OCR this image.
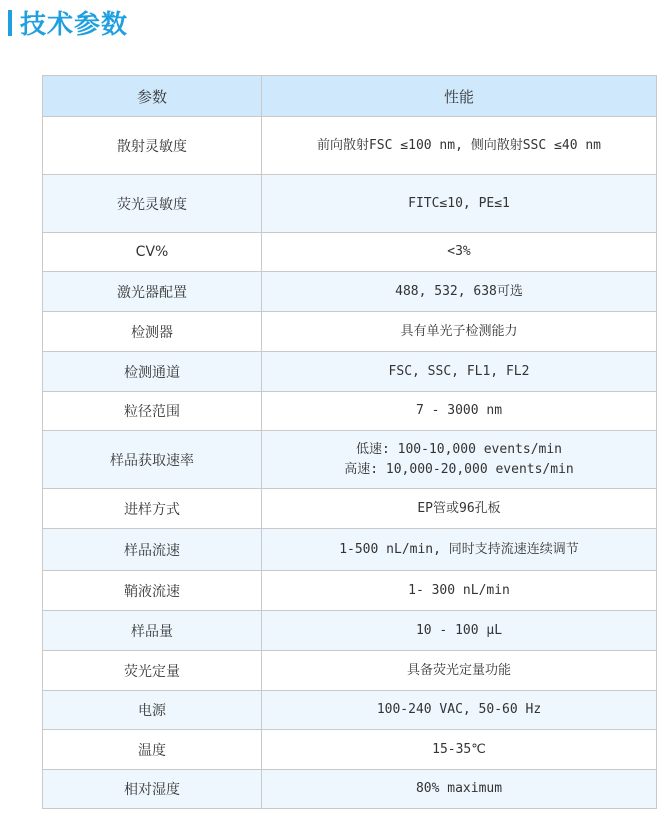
技术参数
参数	性能
散射灵敏度	前向散射FSC ≤100 nm, 侧向散射SSC ≤40 nm

荧光灵敏度	FITC≤10, PE≤1

CV%	<3%

激光器配置	488, 532, 638可选

检测器	具有单光子检测能力

检测通道	FSC, SSC, FL1, FL2

粒径范围	7 - 3000 nm

样品获取速率	低速: 100-10,000 events/min
高速: 10,000-20,000 events/min

进样方式	EP管或96孔板

样品流速	1-500 nL/min, 同时支持流速连续调节

鞘液流速	1- 300 nL/min

样品量	10 - 100 μL

荧光定量	具备荧光定量功能

电源	100-240 VAC, 50-60 Hz

温度	15-35℃

相对湿度	80% maximum
